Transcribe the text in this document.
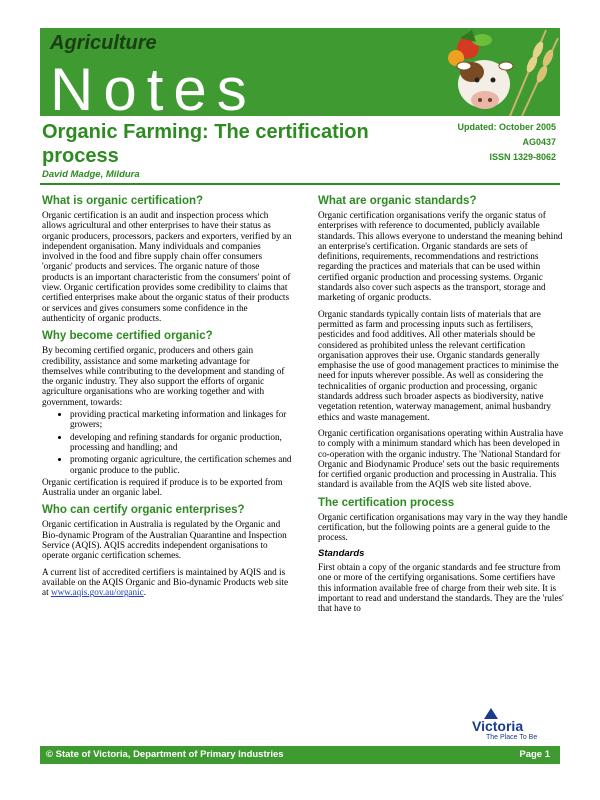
Agriculture
Notes
Organic Farming: The certification process
Updated: October 2005
AG0437
ISSN 1329-8062
David Madge, Mildura
What is organic certification?

Organic certification is an audit and inspection process which allows agricultural and other enterprises to have their status as organic producers, processors, packers and exporters, verified by an independent organisation. Many individuals and companies involved in the food and fibre supply chain offer consumers 'organic' products and services. The organic nature of those products is an important characteristic from the consumers' point of view. Organic certification provides some credibility to claims that certified enterprises make about the organic status of their products or services and gives consumers some confidence in the authenticity of organic products.

Why become certified organic?

By becoming certified organic, producers and others gain credibility, assistance and some marketing advantage for themselves while contributing to the development and standing of the organic industry. They also support the efforts of organic agriculture organisations who are working together and with government, towards:

• providing practical marketing information and linkages for growers;
• developing and refining standards for organic production, processing and handling; and
• promoting organic agriculture, the certification schemes and organic produce to the public.

Organic certification is required if produce is to be exported from Australia under an organic label.

Who can certify organic enterprises?

Organic certification in Australia is regulated by the Organic and Bio-dynamic Program of the Australian Quarantine and Inspection Service (AQIS). AQIS accredits independent organisations to operate organic certification schemes.

A current list of accredited certifiers is maintained by AQIS and is available on the AQIS Organic and Bio-dynamic Products web site at www.aqis.gov.au/organic.

What are organic standards?

Organic certification organisations verify the organic status of enterprises with reference to documented, publicly available standards. This allows everyone to understand the meaning behind an enterprise's certification. Organic standards are sets of definitions, requirements, recommendations and restrictions regarding the practices and materials that can be used within certified organic production and processing systems. Organic standards also cover such aspects as the transport, storage and marketing of organic products.

Organic standards typically contain lists of materials that are permitted as farm and processing inputs such as fertilisers, pesticides and food additives. All other materials should be considered as prohibited unless the relevant certification organisation approves their use. Organic standards generally emphasise the use of good management practices to minimise the need for inputs wherever possible. As well as considering the technicalities of organic production and processing, organic standards address such broader aspects as biodiversity, native vegetation retention, waterway management, animal husbandry ethics and waste management.

Organic certification organisations operating within Australia have to comply with a minimum standard which has been developed in co-operation with the organic industry. The 'National Standard for Organic and Biodynamic Produce' sets out the basic requirements for certified organic production and processing in Australia. This standard is available from the AQIS web site listed above.

The certification process

Organic certification organisations may vary in the way they handle certification, but the following points are a general guide to the process.

Standards

First obtain a copy of the organic standards and fee structure from one or more of the certifying organisations. Some certifiers have this information available free of charge from their web site. It is important to read and understand the standards. They are the 'rules' that have to

Victoria
The Place To Be
© State of Victoria, Department of Primary Industries	Page 1
